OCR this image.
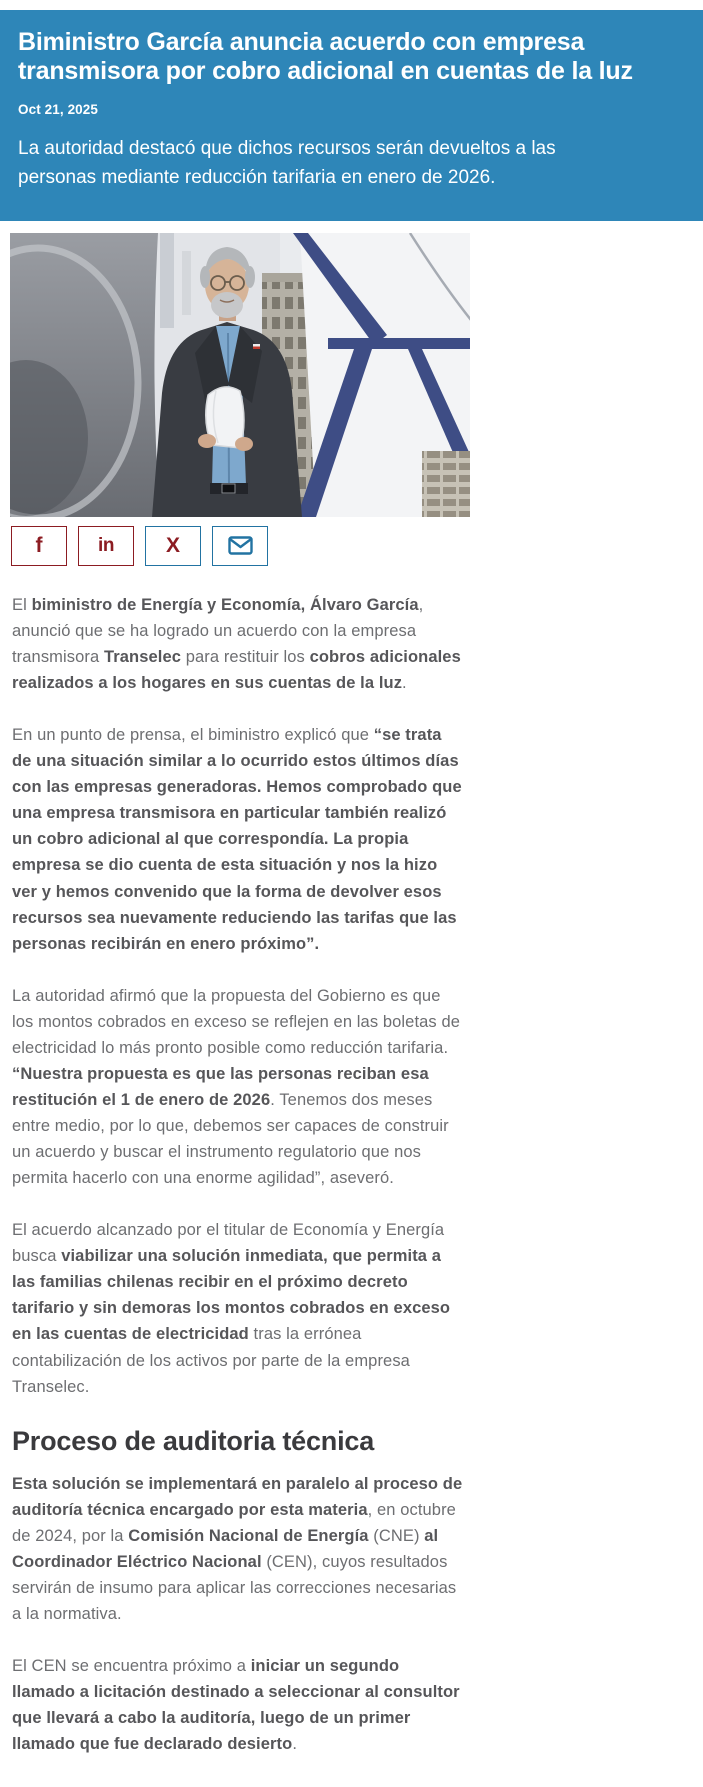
Biministro García anuncia acuerdo con empresa transmisora por cobro adicional en cuentas de la luz
Oct 21, 2025
La autoridad destacó que dichos recursos serán devueltos a las personas mediante reducción tarifaria en enero de 2026.
f	in X

El biministro de Energía y Economía, Álvaro García, anunció que se ha logrado un acuerdo con la empresa transmisora Transelec para restituir los cobros adicionales realizados a los hogares en sus cuentas de la luz.

En un punto de prensa, el biministro explicó que “se trata de una situación similar a lo ocurrido estos últimos días con las empresas generadoras. Hemos comprobado que una empresa transmisora en particular también realizó un cobro adicional al que correspondía. La propia empresa se dio cuenta de esta situación y nos la hizo ver y hemos convenido que la forma de devolver esos recursos sea nuevamente reduciendo las tarifas que las personas recibirán en enero próximo”.

La autoridad afirmó que la propuesta del Gobierno es que los montos cobrados en exceso se reflejen en las boletas de electricidad lo más pronto posible como reducción tarifaria. “Nuestra propuesta es que las personas reciban esa restitución el 1 de enero de 2026. Tenemos dos meses entre medio, por lo que, debemos ser capaces de construir un acuerdo y buscar el instrumento regulatorio que nos permita hacerlo con una enorme agilidad”, aseveró.

El acuerdo alcanzado por el titular de Economía y Energía busca viabilizar una solución inmediata, que permita a las familias chilenas recibir en el próximo decreto tarifario y sin demoras los montos cobrados en exceso en las cuentas de electricidad tras la errónea contabilización de los activos por parte de la empresa Transelec.

Proceso de auditoria técnica

Esta solución se implementará en paralelo al proceso de auditoría técnica encargado por esta materia, en octubre de 2024, por la Comisión Nacional de Energía (CNE) al Coordinador Eléctrico Nacional (CEN), cuyos resultados servirán de insumo para aplicar las correcciones necesarias a la normativa.

El CEN se encuentra próximo a iniciar un segundo llamado a licitación destinado a seleccionar al consultor que llevará a cabo la auditoría, luego de un primer llamado que fue declarado desierto.
